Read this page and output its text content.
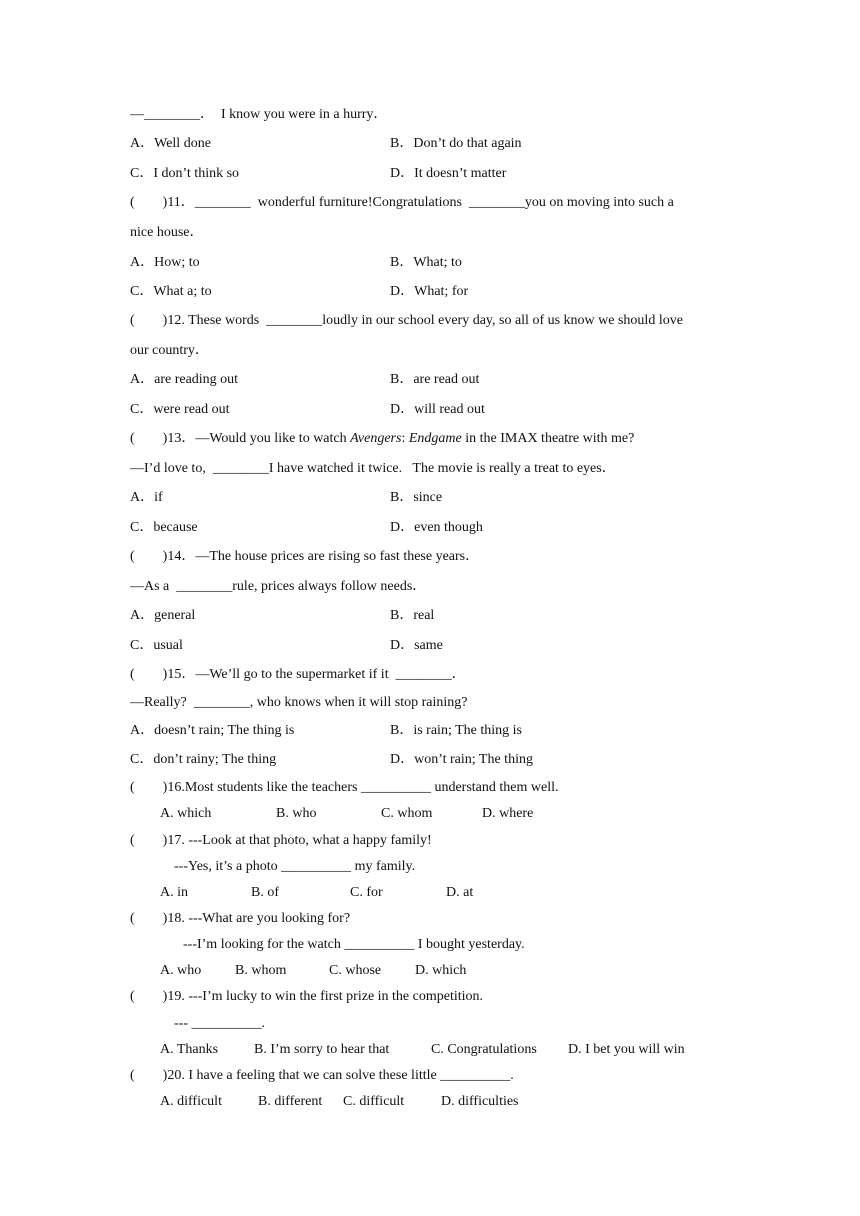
—________．  I know you were in a hurry．
A．Well done	B．Don’t do that again
C．I don’t think so	D．It doesn’t matter
(　　)11．________  wonderful furniture!Congratulations  ________you on moving into such a
nice house．
A．How; to	B．What; to
C．What a; to	D．What; for
(　　)12. These words  ________loudly in our school every day, so all of us know we should love
our country．
A．are reading out	B．are read out
C．were read out	D．will read out
(　　)13．—Would you like to watch Avengers: Endgame in the IMAX theatre with me?
—I’d love to,  ________I have watched it twice.   The movie is really a treat to eyes．
A．if	B．since
C．because	D．even though
(　　)14．—The house prices are rising so fast these years．
—As a  ________rule, prices always follow needs．
A．general	B．real
C．usual	D．same
(　　)15．—We’ll go to the supermarket if it  ________．
—Really?  ________, who knows when it will stop raining?
A．doesn’t rain; The thing is	B．is rain; The thing is
C．don’t rainy; The thing	D．won’t rain; The thing
(　　)16.Most students like the teachers __________ understand them well.
A. which	B. who	C. whom	D. where
(　　)17. ---Look at that photo, what a happy family!
---Yes, it’s a photo __________ my family.
A. in	B. of	C. for	D. at
(　　)18. ---What are you looking for?
---I’m looking for the watch __________ I bought yesterday.
A. who B. whom	C. whose D. which
(　　)19. ---I’m lucky to win the first prize in the competition.
--- __________.
A. Thanks	B. I’m sorry to hear that	C. Congratulations D. I bet you will win
(　　)20. I have a feeling that we can solve these little __________.
A. difficult	B. different C. difficult	D. difficulties
